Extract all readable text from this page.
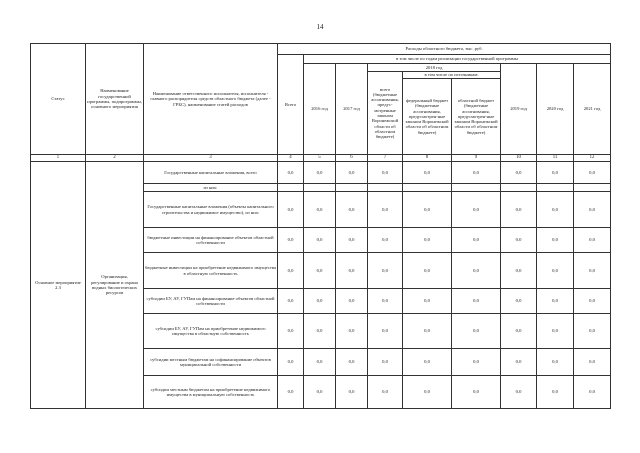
14
Статус	Наименование государственной программы, подпрограммы, основного мероприятия	Наименование ответственного исполнителя, исполнителя - главного распорядителя средств областного бюджета (далее - ГРБС), наименование статей расходов	Расходы областного бюджета, тыс. руб.								
			Всего	в том числе по годам реализации государственной программы							
				2016 год	2017 год	2018 год			2019 год	2020 год	2021 год
						всего (бюджетные ассигнования, предус-мотренные законом Воронежской области об областном бюджете)	в том числе по источникам:				
							федеральный бюджет (бюджетные ассигнования, предусмотрен-ные законом Воронежской области об областном бюджете)	областной бюджет (бюджетные ассигнования, предусмотрен-ные законом Воронежской области об областном бюджете)			
1	2	3	4	5	6	7	8	9	10	11	12
Основное мероприятие 2.3	Организация, регулирование и охрана водных биологических ресурсов	Государственные капитальные вложения, всего	0,0	0,0	0,0	0,0	0,0	0,0	0,0	0,0	0,0
		из них:									
		Государственные капитальные вложения (объекты капитального строительства и недвижимое имущество), из них:	0,0	0,0	0,0	0,0	0,0	0,0	0,0	0,0	0,0
		бюджетные инвестиции на финансирование объектов областной собственности	0,0	0,0	0,0	0,0	0,0	0,0	0,0	0,0	0,0
		бюджетные инвестиции на приобретение недвижимого имущества в областную собственность	0,0	0,0	0,0	0,0	0,0	0,0	0,0	0,0	0,0
		субсидии БУ, АУ, ГУПам на финансирование объектов областной собственности	0,0	0,0	0,0	0,0	0,0	0,0	0,0	0,0	0,0
		субсидии БУ, АУ, ГУПам на приобретение недвижимого имущества в областную собственность	0,0	0,0	0,0	0,0	0,0	0,0	0,0	0,0	0,0
		субсидии местным бюджетам на софинансирование объектов муниципальной собственности	0,0	0,0	0,0	0,0	0,0	0,0	0,0	0,0	0,0
		субсидии местным бюджетам на приобретение недвижимого имущества в муниципальную собственность	0,0	0,0	0,0	0,0	0,0	0,0	0,0	0,0	0,0
